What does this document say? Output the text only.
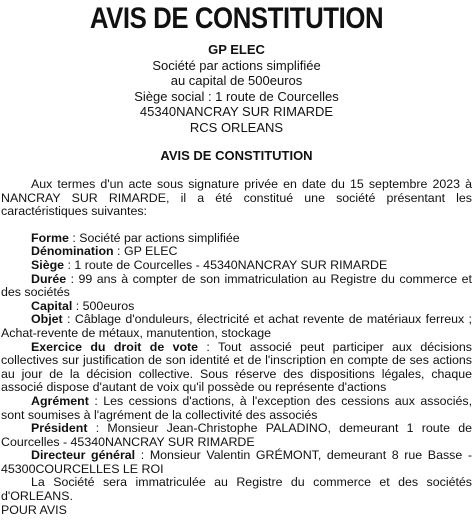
AVIS DE CONSTITUTION
GP ELEC
Société par actions simplifiée
au capital de 500euros
Siège social : 1 route de Courcelles
45340NANCRAY SUR RIMARDE
RCS ORLEANS
AVIS DE CONSTITUTION

Aux termes d'un acte sous signature privée en date du 15 septembre 2023 à NANCRAY SUR RIMARDE, il a été constitué une société présentant les caractéristiques suivantes:

Forme : Société par actions simplifiée

Dénomination : GP ELEC

Siège : 1 route de Courcelles - 45340NANCRAY SUR RIMARDE

Durée : 99 ans à compter de son immatriculation au Registre du commerce et des sociétés

Capital : 500euros

Objet : Câblage d'onduleurs, électricité et achat revente de matériaux ferreux ; Achat-revente de métaux, manutention, stockage

Exercice du droit de vote : Tout associé peut participer aux décisions collectives sur justification de son identité et de l'inscription en compte de ses actions au jour de la décision collective. Sous réserve des dispositions légales, chaque associé dispose d'autant de voix qu'il possède ou représente d'actions

Agrément : Les cessions d'actions, à l'exception des cessions aux associés, sont soumises à l'agrément de la collectivité des associés

Président : Monsieur Jean-Christophe PALADINO, demeurant 1 route de Courcelles - 45340NANCRAY SUR RIMARDE

Directeur général : Monsieur Valentin GRÉMONT, demeurant 8 rue Basse - 45300COURCELLES LE ROI

La Société sera immatriculée au Registre du commerce et des sociétés d'ORLEANS.

POUR AVIS
